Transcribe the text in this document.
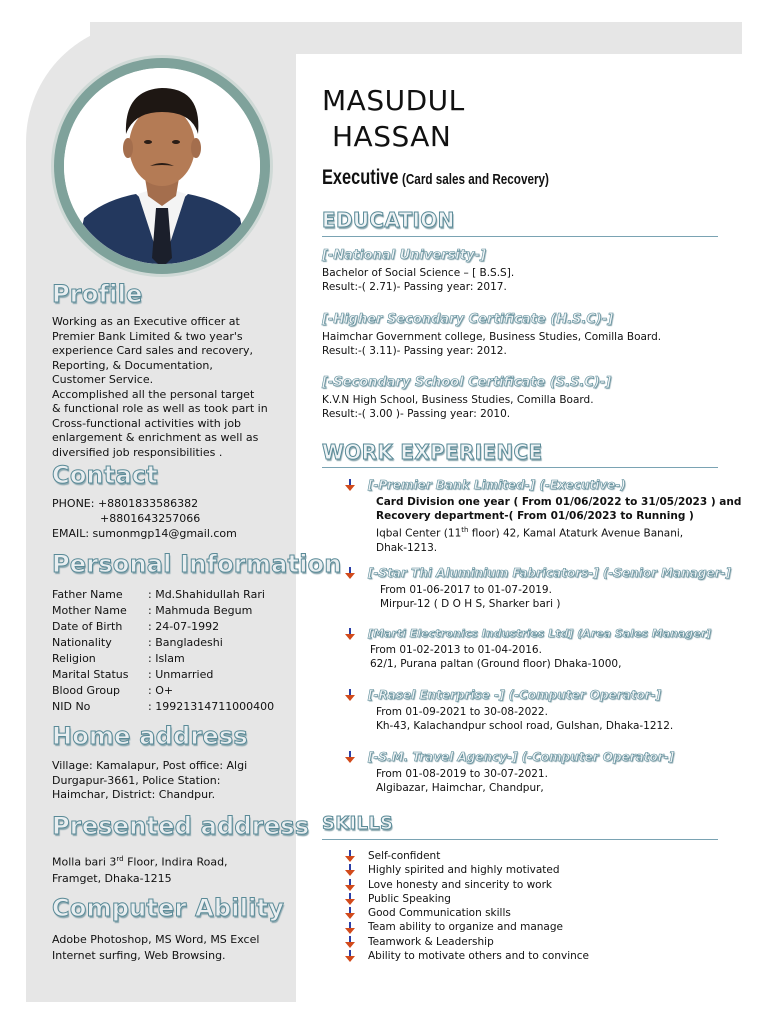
Profile

Working as an Executive officer at

Premier Bank Limited & two year's

experience Card sales and recovery,

Reporting, & Documentation,

Customer Service.

Accomplished all the personal target

& functional role as well as took part in

Cross-functional activities with job

enlargement & enrichment as well as

diversified job responsibilities .

Contact

PHONE: +8801833586382

+8801643257066

EMAIL: sumonmgp14@gmail.com

Personal Information
Father Name	: Md.Shahidullah Rari
Mother Name	: Mahmuda Begum
Date of Birth	: 24-07-1992
Nationality	: Bangladeshi
Religion	: Islam
Marital Status	: Unmarried
Blood Group	: O+
NID No	: 19921314711000400
Home address

Village: Kamalapur, Post office: Algi

Durgapur-3661, Police Station:

Haimchar, District: Chandpur.

Presented address

Molla bari 3rd Floor, Indira Road,

Framget, Dhaka-1215

Computer Ability

Adobe Photoshop, MS Word, MS Excel

Internet surfing, Web Browsing.

MASUDUL
HASSAN
Executive (Card sales and Recovery)
EDUCATION
[-National University-]

Bachelor of Social Science – [ B.S.S].

Result:-( 2.71)- Passing year: 2017.

[-Higher Secondary Certificate (H.S.C)-]

Haimchar Government college, Business Studies, Comilla Board.

Result:-( 3.11)- Passing year: 2012.

[-Secondary School Certificate (S.S.C)-]

K.V.N High School, Business Studies, Comilla Board.

Result:-( 3.00 )- Passing year: 2010.

WORK EXPERIENCE
[-Premier Bank Limited-] (-Executive-)

Card Division one year ( From 01/06/2022 to 31/05/2023 ) and

Recovery department-( From 01/06/2023 to Running )

Iqbal Center (11th floor) 42, Kamal Ataturk Avenue Banani,

Dhak-1213.

[-Star Thi Aluminium Fabricators-] (-Senior Manager-]

From 01-06-2017 to 01-07-2019.

Mirpur-12 ( D O H S, Sharker bari )

[Marti Electronics Industries Ltd] (Area Sales Manager]

From 01-02-2013 to 01-04-2016.

62/1, Purana paltan (Ground floor) Dhaka-1000,

[-Rasel Enterprise -] (-Computer Operator-]

From 01-09-2021 to 30-08-2022.

Kh-43, Kalachandpur school road, Gulshan, Dhaka-1212.

[-S.M. Travel Agency-] (-Computer Operator-]

From 01-08-2019 to 30-07-2021.

Algibazar, Haimchar, Chandpur,

SKILLS
Self-confident
Highly spirited and highly motivated
Love honesty and sincerity to work
Public Speaking
Good Communication skills
Team ability to organize and manage
Teamwork & Leadership
Ability to motivate others and to convince
